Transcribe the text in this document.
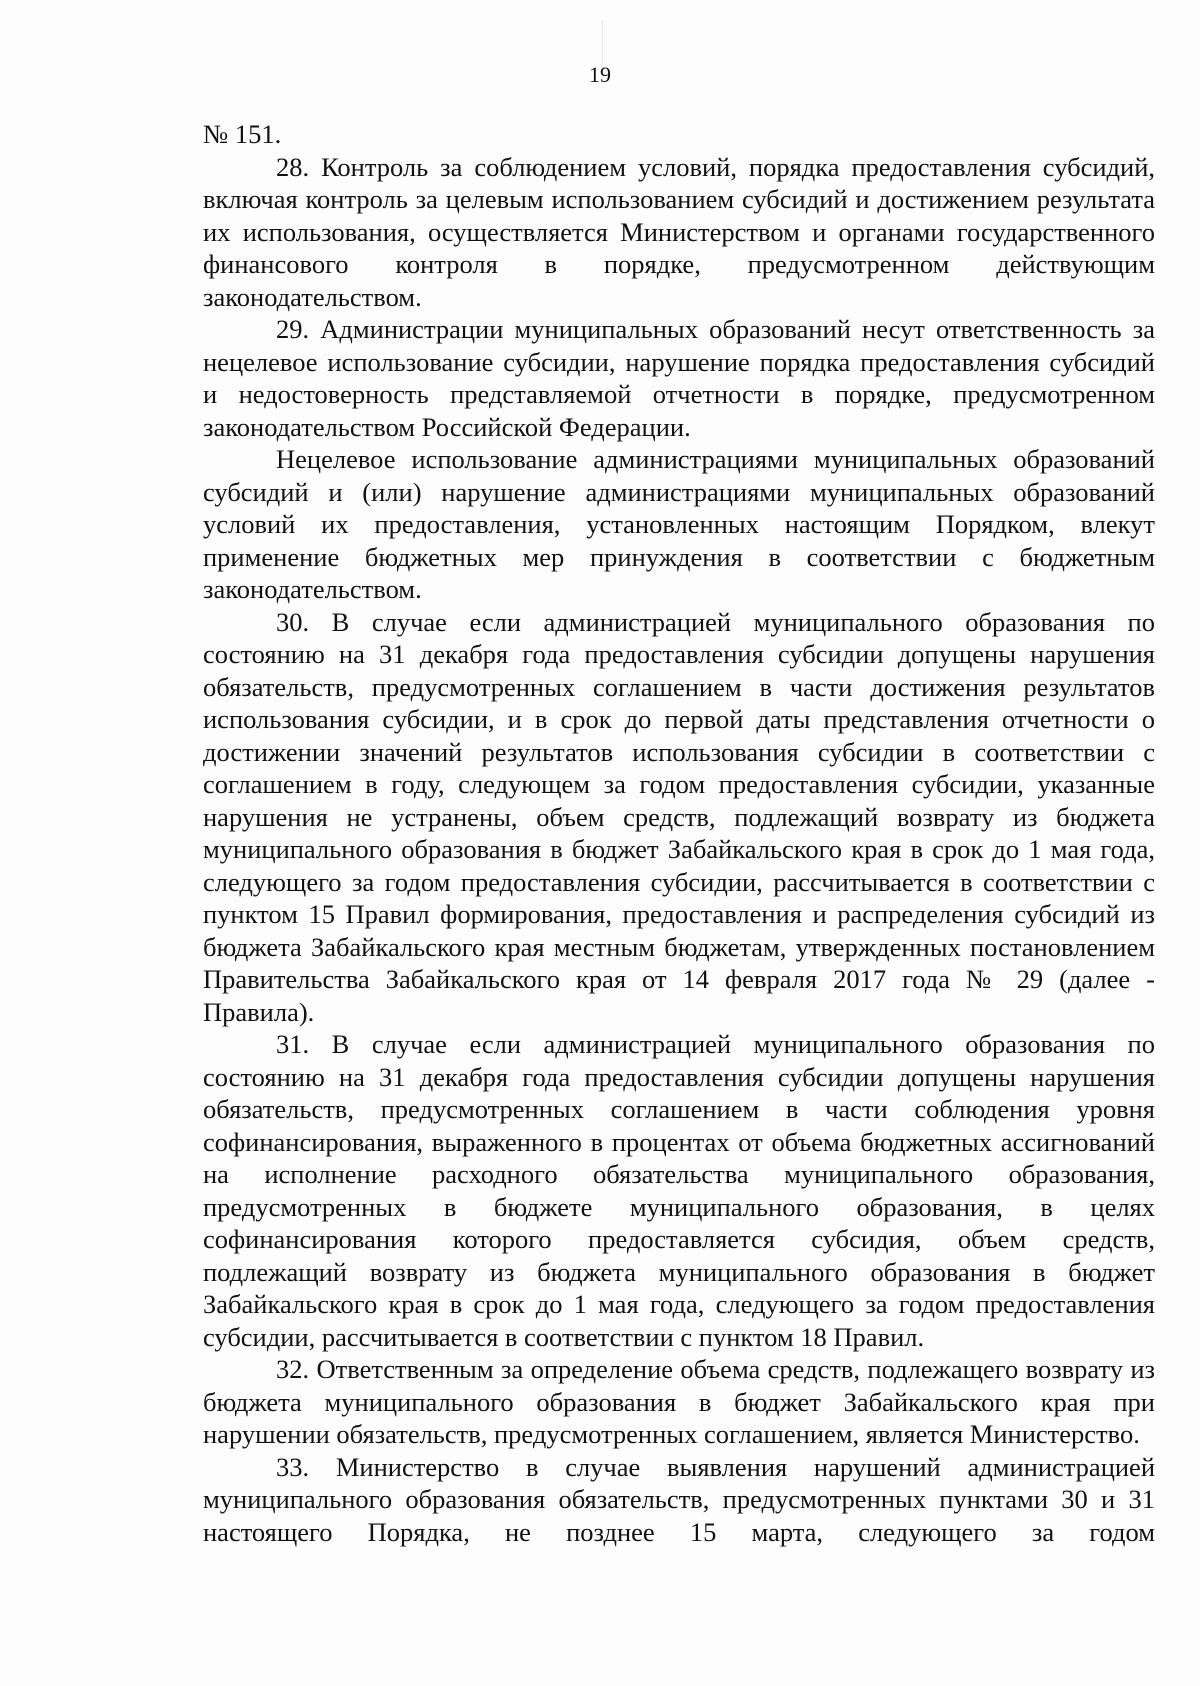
19

№ 151.

28. Контроль за соблюдением условий, порядка предоставления субсидий, включая контроль за целевым использованием субсидий и достижением результата их использования, осуществляется Министерством и органами государственного финансового контроля в порядке, предусмотренном действующим законодательством.

29. Администрации муниципальных образований несут ответственность за нецелевое использование субсидии, нарушение порядка предоставления субсидий и недостоверность представляемой отчетности в порядке, предусмотренном законодательством Российской Федерации.

Нецелевое использование администрациями муниципальных образований субсидий и (или) нарушение администрациями муниципальных образований условий их предоставления, установленных настоящим Порядком, влекут применение бюджетных мер принуждения в соответствии с бюджетным законодательством.

30. В случае если администрацией муниципального образования по состоянию на 31 декабря года предоставления субсидии допущены нарушения обязательств, предусмотренных соглашением в части достижения результатов использования субсидии, и в срок до первой даты представления отчетности о достижении значений результатов использования субсидии в соответствии с соглашением в году, следующем за годом предоставления субсидии, указанные нарушения не устранены, объем средств, подлежащий возврату из бюджета муниципального образования в бюджет Забайкальского края в срок до 1 мая года, следующего за годом предоставления субсидии, рассчитывается в соответствии с пунктом 15 Правил формирования, предоставления и распределения субсидий из бюджета Забайкальского края местным бюджетам, утвержденных постановлением Правительства Забайкальского края от 14 февраля 2017 года № 29 (далее - Правила).

31. В случае если администрацией муниципального образования по состоянию на 31 декабря года предоставления субсидии допущены нарушения обязательств, предусмотренных соглашением в части соблюдения уровня софинансирования, выраженного в процентах от объема бюджетных ассигнований на исполнение расходного обязательства муниципального образования, предусмотренных в бюджете муниципального образования, в целях софинансирования которого предоставляется субсидия, объем средств, подлежащий возврату из бюджета муниципального образования в бюджет Забайкальского края в срок до 1 мая года, следующего за годом предоставления субсидии, рассчитывается в соответствии с пунктом 18 Правил.

32. Ответственным за определение объема средств, подлежащего возврату из бюджета муниципального образования в бюджет Забайкальского края при нарушении обязательств, предусмотренных соглашением, является Министерство.

33. Министерство в случае выявления нарушений администрацией муниципального образования обязательств, предусмотренных пунктами 30 и 31 настоящего Порядка, не позднее 15 марта, следующего за годом
